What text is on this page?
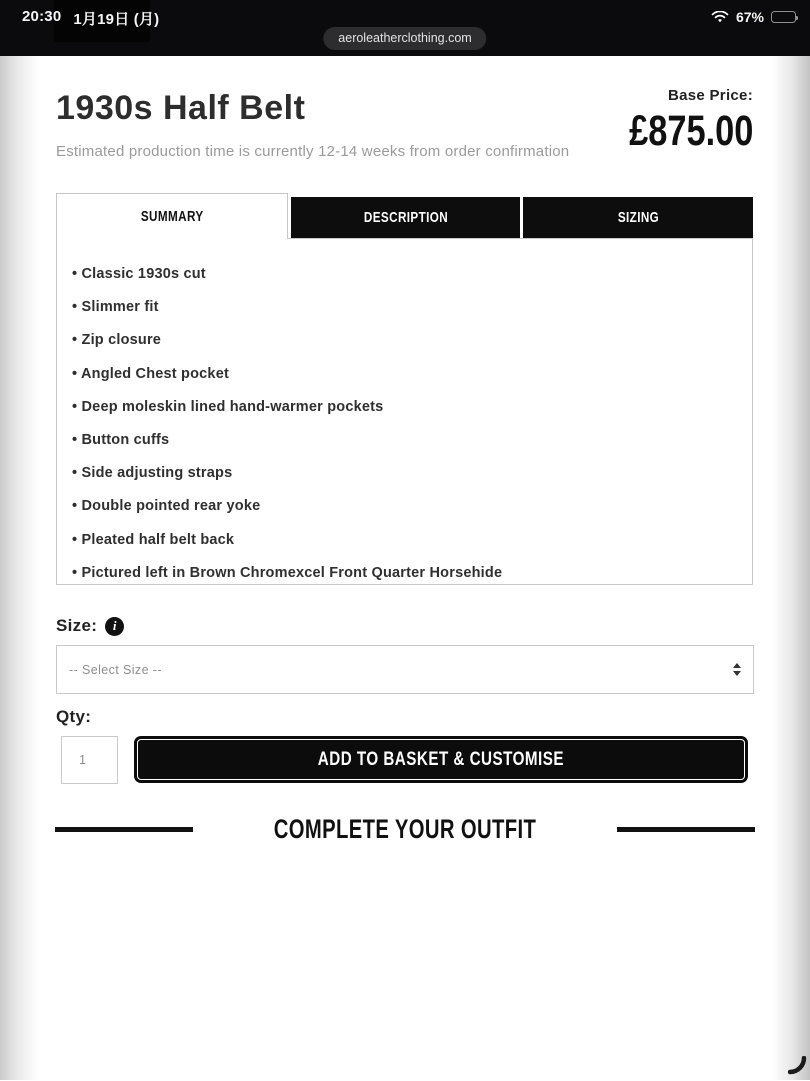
20:30 1月19日 (月)	67%
aeroleatherclothing.com
1930s Half Belt

Estimated production time is currently 12-14 weeks from order confirmation

Base Price:
£875.00
SUMMARY	DESCRIPTION	SIZING
• Classic 1930s cut
• Slimmer fit
• Zip closure
• Angled Chest pocket
• Deep moleskin lined hand-warmer pockets
• Button cuffs
• Side adjusting straps
• Double pointed rear yoke
• Pleated half belt back
• Pictured left in Brown Chromexcel Front Quarter Horsehide
Size:	i
-- Select Size --
Qty:
1
ADD TO BASKET & CUSTOMISE
COMPLETE YOUR OUTFIT
